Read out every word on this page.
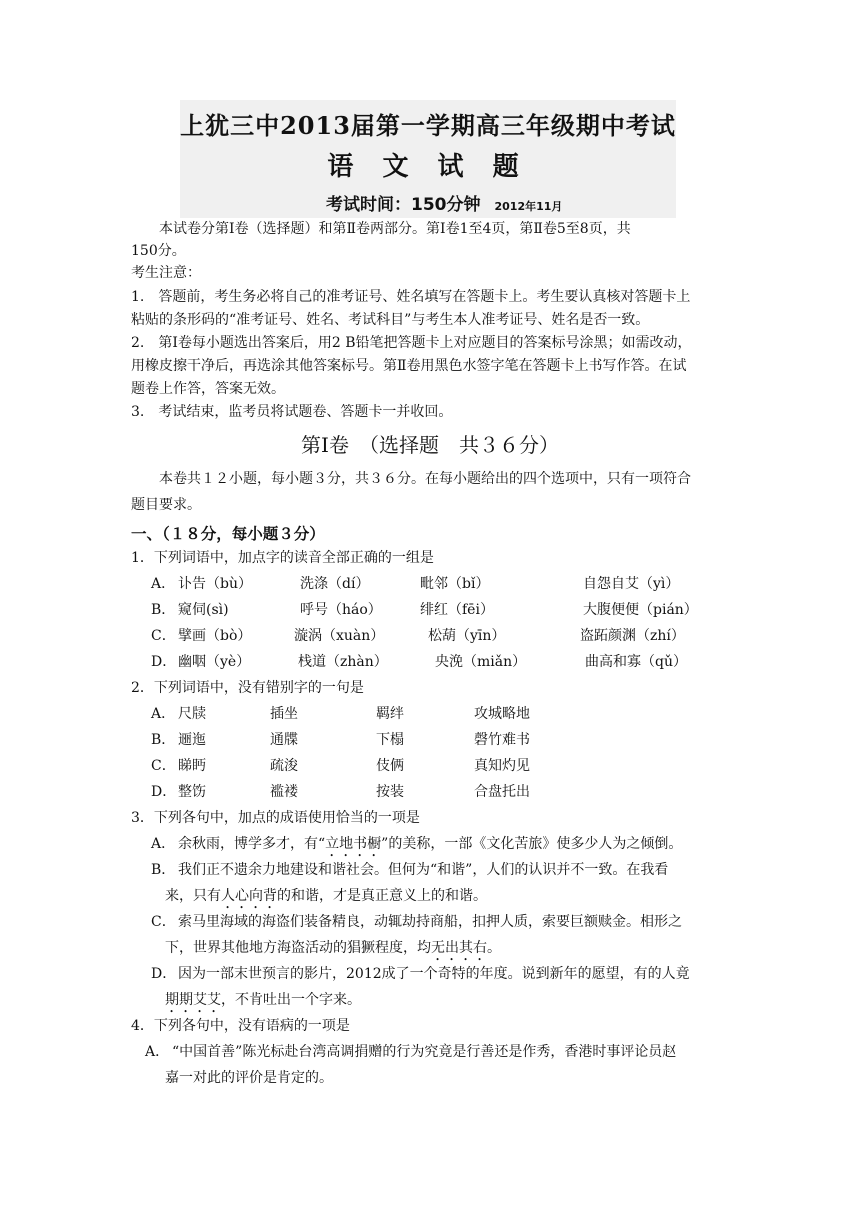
上犹三中2013届第一学期高三年级期中考试
语 文 试 题
考试时间：150分钟 2012年11月
本试卷分第Ⅰ卷（选择题）和第Ⅱ卷两部分。第Ⅰ卷1至4页，第Ⅱ卷5至8页，共
150分。
考生注意：
1.　答题前，考生务必将自己的准考证号、姓名填写在答题卡上。考生要认真核对答题卡上
粘贴的条形码的“准考证号、姓名、考试科目”与考生本人准考证号、姓名是否一致。
2.　第Ⅰ卷每小题选出答案后，用2 B铅笔把答题卡上对应题目的答案标号涂黑；如需改动，
用橡皮擦干净后，再选涂其他答案标号。第Ⅱ卷用黑色水签字笔在答题卡上书写作答。在试
题卷上作答，答案无效。
3.　考试结束，监考员将试题卷、答题卡一并收回。
第Ⅰ卷　（选择题　共３６分）
本卷共１２小题，每小题３分，共３６分。在每小题给出的四个选项中，只有一项符合
题目要求。
一、（１８分，每小题３分）
1．下列词语中，加点字的读音全部正确的一组是
A． 讣告（bù）	洗涤（dí）	毗邻（bǐ）	自怨自艾（yì）
B． 窥伺(sì)	呼号（háo）	绯红（fēi）	大腹便便（pián）
C． 擘画（bò）	漩涡（xuàn）	松葫（yīn）	盗跖颜渊（zhí）
D． 幽咽（yè）	栈道（zhàn）	央浼（miǎn）	曲高和寡（qǔ）
2．下列词语中，没有错别字的一句是
A． 尺牍	插坐	羁绊	攻城略地
B． 逦迤	通牒	下榻	磬竹难书
C． 睇眄	疏浚	伎俩	真知灼见
D． 整饬	褴褛	按装	合盘托出
3．下列各句中，加点的成语使用恰当的一项是
A． 余秋雨，博学多才，有“立地书橱”的美称，一部《文化苦旅》使多少人为之倾倒。
B． 我们正不遗余力地建设和谐社会。但何为“和谐”，人们的认识并不一致。在我看
来，只有人心向背的和谐，才是真正意义上的和谐。
C． 索马里海域的海盗们装备精良，动辄劫持商船，扣押人质，索要巨额赎金。相形之
下，世界其他地方海盗活动的猖獗程度，均无出其右。
D． 因为一部末世预言的影片，2012成了一个奇特的年度。说到新年的愿望，有的人竟
期期艾艾，不肯吐出一个字来。
4．下列各句中，没有语病的一项是
A． “中国首善”陈光标赴台湾高调捐赠的行为究竟是行善还是作秀，香港时事评论员赵
嘉一对此的评价是肯定的。
